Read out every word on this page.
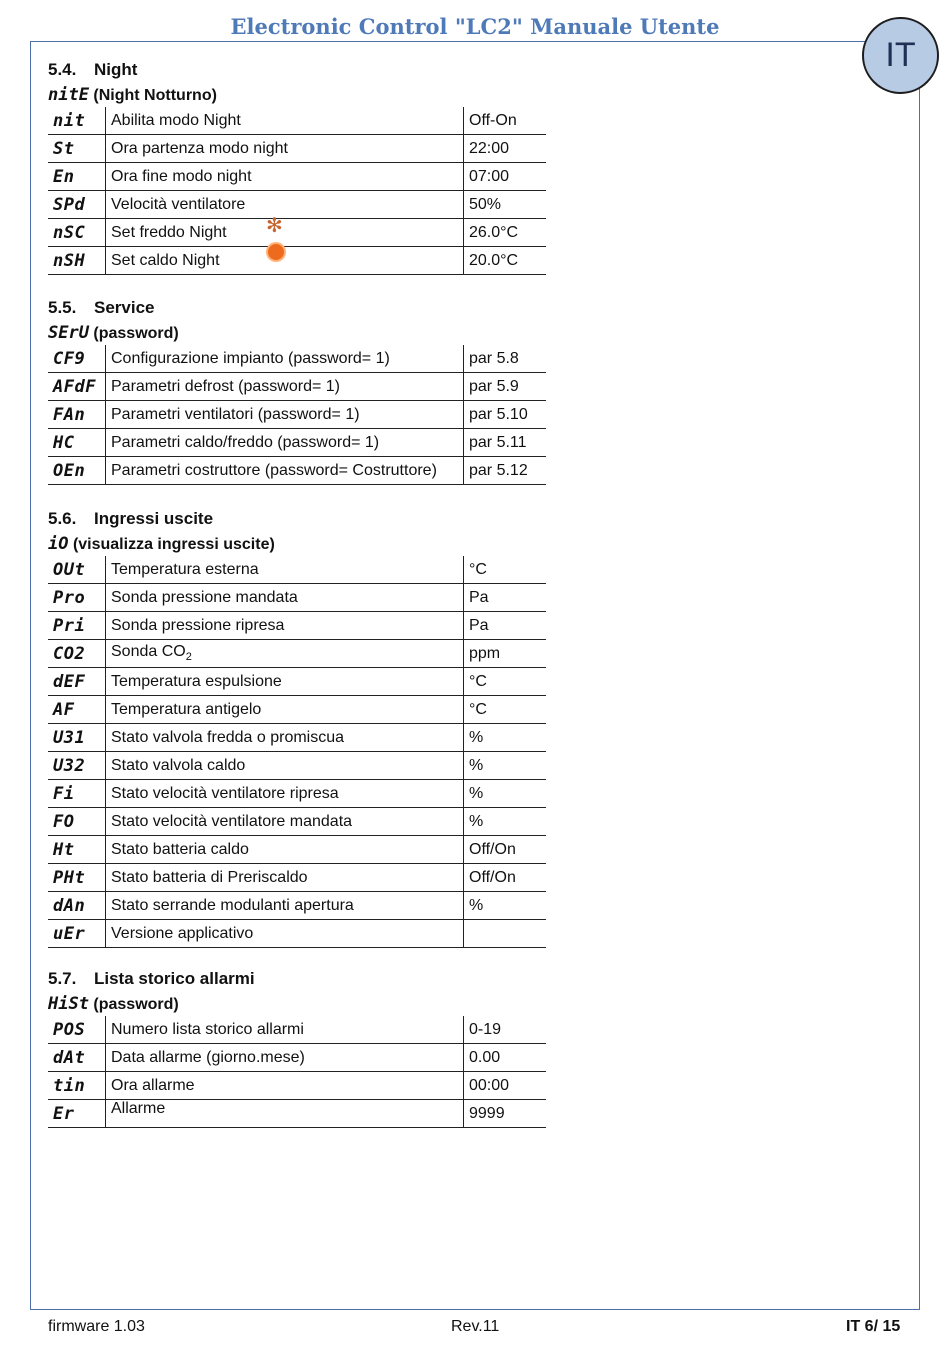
Electronic Control "LC2" Manuale Utente
IT
5.4. Night
nitE (Night Notturno)
nit	Abilita modo Night	Off-On
St	Ora partenza modo night	22:00
En	Ora fine modo night	07:00
SPd	Velocità ventilatore	50%
nSC	Set freddo Night ✻	26.0°C
nSH	Set caldo Night	20.0°C
5.5. Service
SErU (password)
CF9	Configurazione impianto (password= 1)	par 5.8
AFdF	Parametri defrost (password= 1)	par 5.9
FAn	Parametri ventilatori (password= 1)	par 5.10
HC	Parametri caldo/freddo (password= 1)	par 5.11
OEn	Parametri costruttore (password= Costruttore)	par 5.12
5.6. Ingressi uscite
iO (visualizza ingressi uscite)
OUt	Temperatura esterna	°C
Pro	Sonda pressione mandata	Pa
Pri	Sonda pressione ripresa	Pa
CO2	Sonda $CO_2$	ppm
dEF	Temperatura espulsione	°C
AF	Temperatura antigelo	°C
U31	Stato valvola fredda o promiscua	%
U32	Stato valvola caldo	%
Fi	Stato velocità ventilatore ripresa	%
FO	Stato velocità ventilatore mandata	%
Ht	Stato batteria caldo	Off/On
PHt	Stato batteria di Preriscaldo	Off/On
dAn	Stato serrande modulanti apertura	%
uEr	Versione applicativo	
5.7. Lista storico allarmi
HiSt (password)
POS	Numero lista storico allarmi	0-19
dAt	Data allarme (giorno.mese)	0.00
tin	Ora allarme	00:00
Er	Allarme	9999
firmware 1.03	Rev.11	IT 6/ 15
